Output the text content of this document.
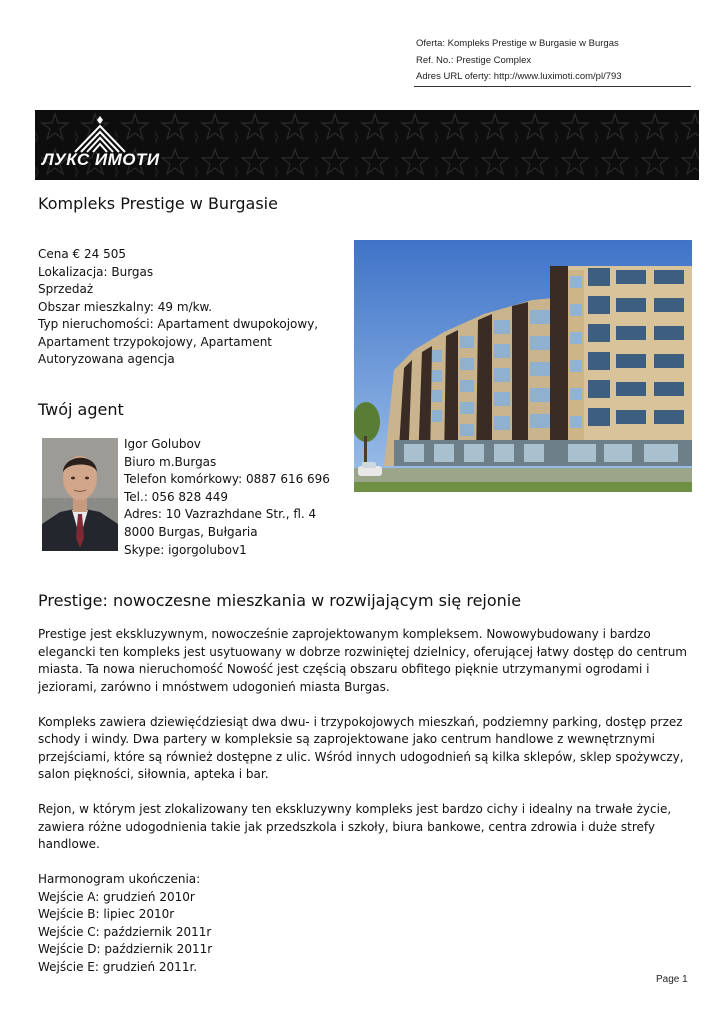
Oferta: Kompleks Prestige w Burgasie w Burgas
Ref. No.: Prestige Complex
Adres URL oferty: http://www.luximoti.com/pl/793
ЛУКС ИМОТИ
Kompleks Prestige w Burgasie
Cena € 24 505
Lokalizacja: Burgas
Sprzedaż
Obszar mieszkalny: 49 m/kw.
Typ nieruchomości: Apartament dwupokojowy,
Apartament trzypokojowy, Apartament
Autoryzowana agencja
Twój agent
Igor Golubov
Biuro m.Burgas
Telefon komórkowy: 0887 616 696
Tel.: 056 828 449
Adres: 10 Vazrazhdane Str., fl. 4
8000 Burgas, Bułgaria
Skype: igorgolubov1
Prestige: nowoczesne mieszkania w rozwijającym się rejonie

Prestige jest ekskluzywnym, nowocześnie zaprojektowanym kompleksem. Nowowybudowany i bardzo elegancki ten kompleks jest usytuowany w dobrze rozwiniętej dzielnicy, oferującej łatwy dostęp do centrum miasta. Ta nowa nieruchomość Nowość jest częścią obszaru obfitego pięknie utrzymanymi ogrodami i jeziorami, zarówno i mnóstwem udogonień miasta Burgas.

Kompleks zawiera dziewięćdziesiąt dwa dwu- i trzypokojowych mieszkań, podziemny parking, dostęp przez schody i windy. Dwa partery w kompleksie są zaprojektowane jako centrum handlowe z wewnętrznymi przejściami, które są również dostępne z ulic. Wśród innych udogodnień są kilka sklepów, sklep spożywczy, salon piękności, siłownia, apteka i bar.

Rejon, w którym jest zlokalizowany ten ekskluzywny kompleks jest bardzo cichy i idealny na trwałe życie, zawiera różne udogodnienia takie jak przedszkola i szkoły, biura bankowe, centra zdrowia i duże strefy handlowe.

Harmonogram ukończenia:
Wejście A: grudzień 2010r
Wejście B: lipiec 2010r
Wejście C: październik 2011r
Wejście D: październik 2011r
Wejście E: grudzień 2011r.
Page 1
